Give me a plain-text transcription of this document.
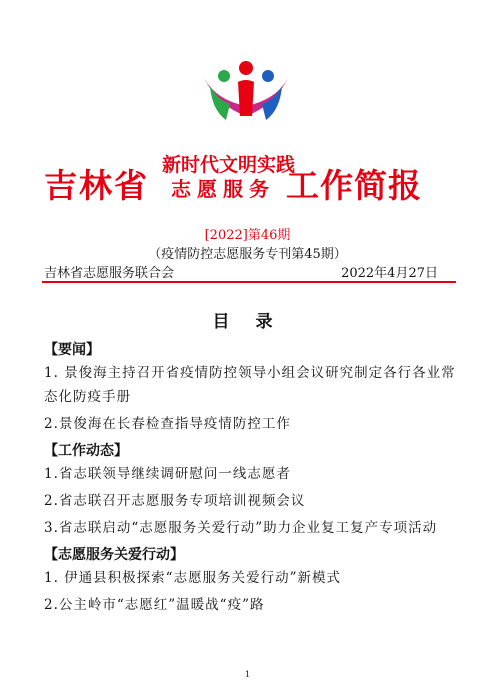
吉林省
新时代文明实践
志愿服务 工作简报
[2022]第46期
（疫情防控志愿服务专刊第45期）
吉林省志愿服务联合会	2022年4月27日
目 录
【要闻】
1. 景俊海主持召开省疫情防控领导小组会议研究制定各行各业常态化防疫手册
2.景俊海在长春检查指导疫情防控工作
【工作动态】
1.省志联领导继续调研慰问一线志愿者
2.省志联召开志愿服务专项培训视频会议
3.省志联启动“志愿服务关爱行动”助力企业复工复产专项活动
【志愿服务关爱行动】
1. 伊通县积极探索“志愿服务关爱行动”新模式
2.公主岭市“志愿红”温暖战“疫”路
1
